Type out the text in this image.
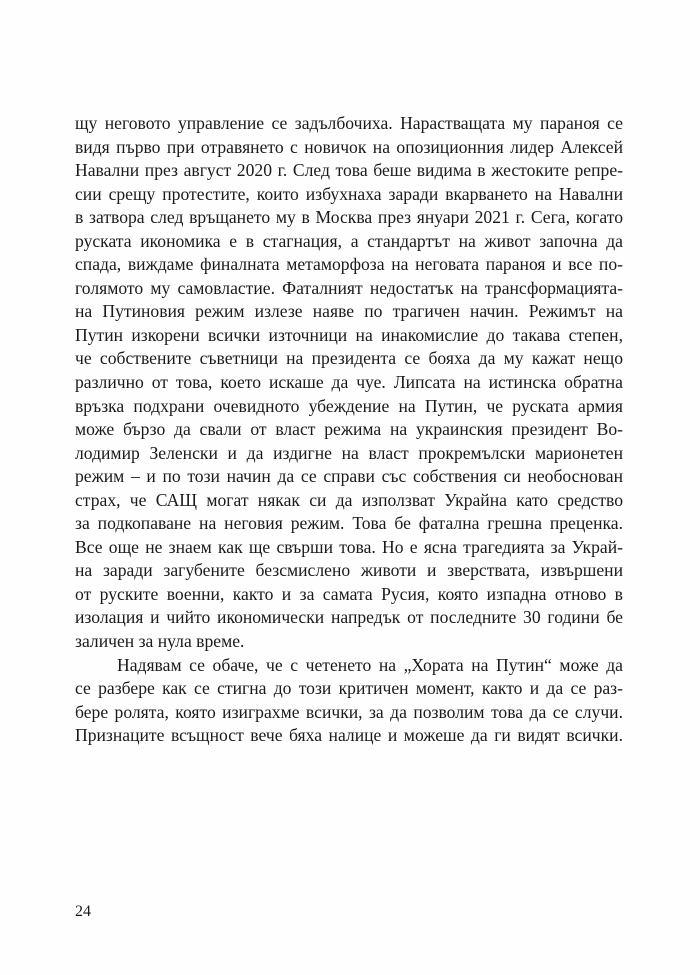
щу неговото управление се задълбочиха. Нарастващата му параноя се
видя първо при отравянето с новичок на опозиционния лидер Алексей
Навални през август 2020 г. След това беше видима в жестоките репре-
сии срещу протестите, които избухнаха заради вкарването на Навални
в затвора след връщането му в Москва през януари 2021 г. Сега, когато
руската икономика е в стагнация, а стандартът на живот започна да
спада, виждаме финалната метаморфоза на неговата параноя и все по-
голямото му самовластие. Фаталният недостатък на трансформацията-
на Путиновия режим излезе наяве по трагичен начин. Режимът на
Путин изкорени всички източници на инакомислие до такава степен,
че собствените съветници на президента се бояха да му кажат нещо
различно от това, което искаше да чуе. Липсата на истинска обратна
връзка подхрани очевидното убеждение на Путин, че руската армия
може бързо да свали от власт режима на украинския президент Во-
лодимир Зеленски и да издигне на власт прокремълски марионетен
режим – и по този начин да се справи със собствения си необоснован
страх, че САЩ могат някак си да използват Украйна като средство
за подкопаване на неговия режим. Това бе фатална грешна преценка.
Все още не знаем как ще свърши това. Но е ясна трагедията за Украй-
на заради загубените безсмислено животи и зверствата, извършени
от руските военни, както и за самата Русия, която изпадна отново в
изолация и чийто икономически напредък от последните 30 години бе
заличен за нула време.
Надявам се обаче, че с четенето на „Хората на Путин“ може да
се разбере как се стигна до този критичен момент, както и да се раз-
бере ролята, която изиграхме всички, за да позволим това да се случи.
Признаците всъщност вече бяха налице и можеше да ги видят всички.
24
